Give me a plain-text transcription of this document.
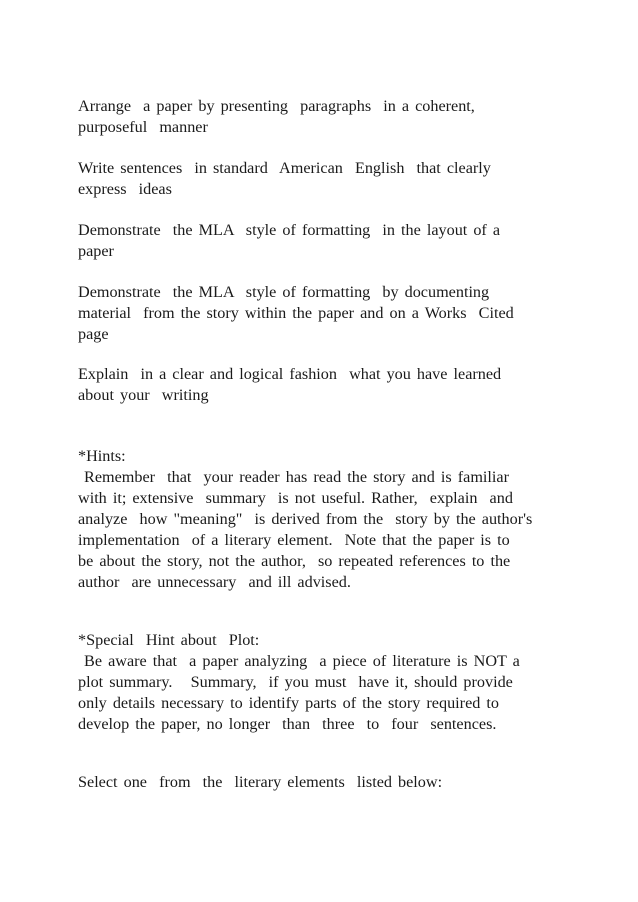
Arrange  a paper by presenting  paragraphs  in a coherent,
purposeful  manner

Write sentences  in standard  American  English  that clearly
express  ideas

Demonstrate  the MLA  style of formatting  in the layout of a
paper

Demonstrate  the MLA  style of formatting  by documenting
material  from the story within the paper and on a Works  Cited
page

Explain  in a clear and logical fashion  what you have learned
about your  writing

*Hints:

Remember  that  your reader has read the story and is familiar
with it; extensive  summary  is not useful. Rather,  explain  and
analyze  how "meaning"  is derived from the  story by the author's
implementation  of a literary element.  Note that the paper is to
be about the story, not the author,  so repeated references to the
author  are unnecessary  and ill advised.

*Special  Hint about  Plot:

Be aware that  a paper analyzing  a piece of literature is NOT a
plot summary.   Summary,  if you must  have it, should provide
only details necessary to identify parts of the story required to
develop the paper, no longer  than  three  to  four  sentences.

Select one  from  the  literary elements  listed below:
